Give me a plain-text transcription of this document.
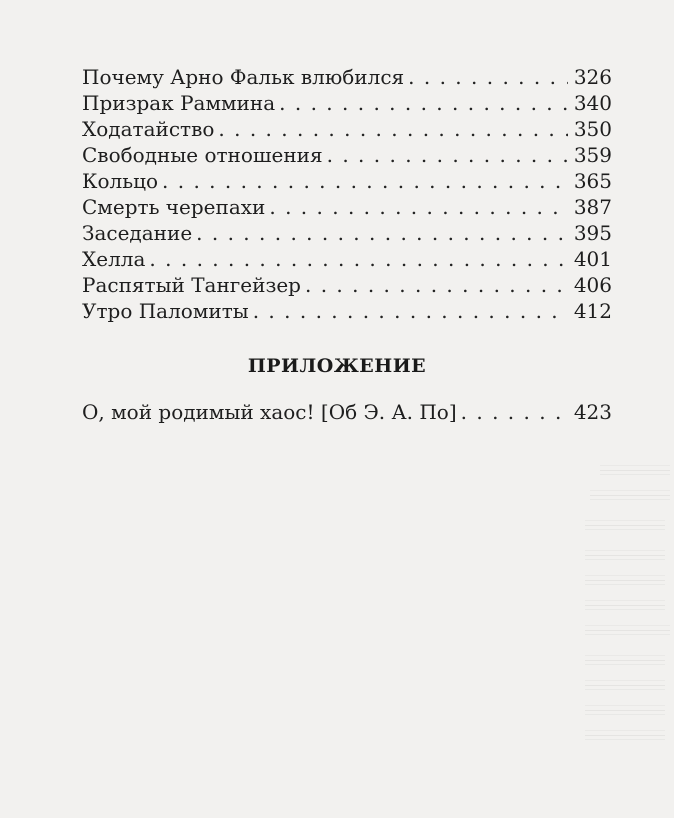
Почему Арно Фальк влюбился . . .	326
Призрак Раммина . . .	340
Ходатайство . . .	350
Свободные отношения . . .	359
Кольцо . . .	365
Смерть черепахи . . .	387
Заседание . . .	395
Хелла . . .	401
Распятый Тангейзер . . .	406
Утро Паломиты . . .	412
ПРИЛОЖЕНИЕ
О, мой родимый хаос! [Об Э. А. По] . . .	423
